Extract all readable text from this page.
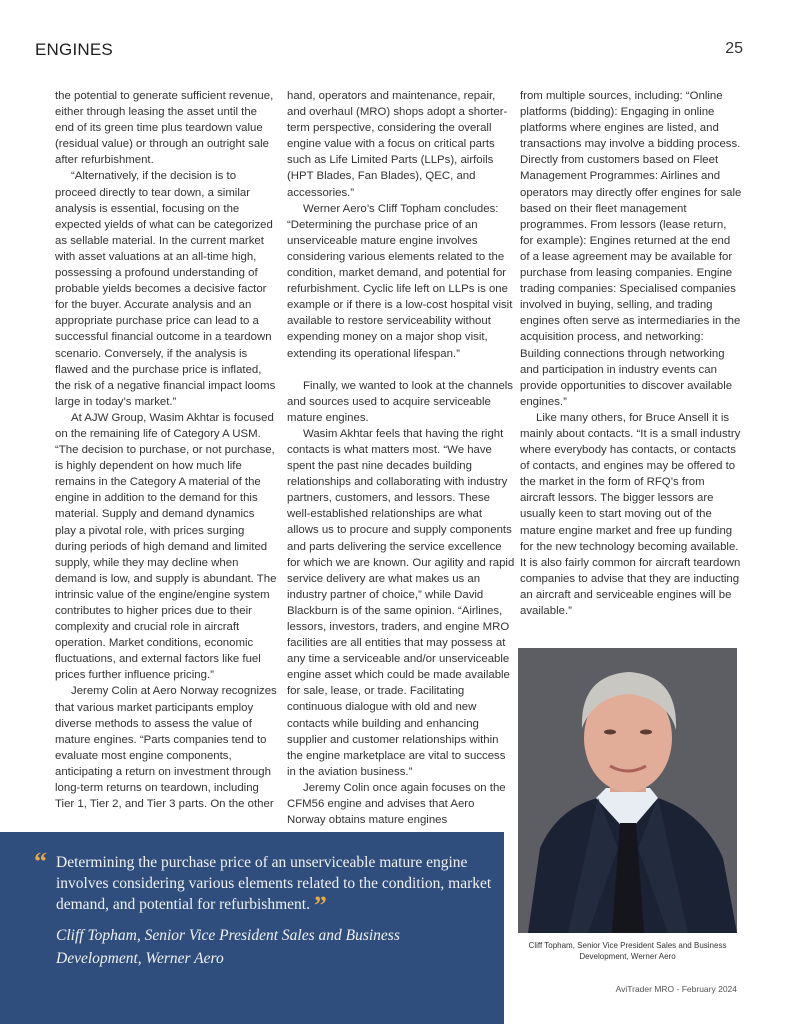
ENGINES	25

the potential to generate sufficient revenue, either through leasing the asset until the end of its green time plus teardown value (residual value) or through an outright sale after refurbishment.

“Alternatively, if the decision is to proceed directly to tear down, a similar analysis is essential, focusing on the expected yields of what can be categorized as sellable material. In the current market with asset valuations at an all-time high, possessing a profound understanding of probable yields becomes a decisive factor for the buyer. Accurate analysis and an appropriate purchase price can lead to a successful financial outcome in a teardown scenario. Conversely, if the analysis is flawed and the purchase price is inflated, the risk of a negative financial impact looms large in today’s market.”

At AJW Group, Wasim Akhtar is focused on the remaining life of Category A USM. “The decision to purchase, or not purchase, is highly dependent on how much life remains in the Category A material of the engine in addition to the demand for this material. Supply and demand dynamics play a pivotal role, with prices surging during periods of high demand and limited supply, while they may decline when demand is low, and supply is abundant. The intrinsic value of the engine/engine system contributes to higher prices due to their complexity and crucial role in aircraft operation. Market conditions, economic fluctuations, and external factors like fuel prices further influence pricing.”

Jeremy Colin at Aero Norway recognizes that various market participants employ diverse methods to assess the value of mature engines. “Parts companies tend to evaluate most engine components, anticipating a return on investment through long-term returns on teardown, including Tier 1, Tier 2, and Tier 3 parts. On the other

hand, operators and maintenance, repair, and overhaul (MRO) shops adopt a shorter-term perspective, considering the overall engine value with a focus on critical parts such as Life Limited Parts (LLPs), airfoils (HPT Blades, Fan Blades), QEC, and accessories.”

Werner Aero’s Cliff Topham concludes: “Determining the purchase price of an unserviceable mature engine involves considering various elements related to the condition, market demand, and potential for refurbishment. Cyclic life left on LLPs is one example or if there is a low-cost hospital visit available to restore serviceability without expending money on a major shop visit, extending its operational lifespan.”

Finally, we wanted to look at the channels and sources used to acquire serviceable mature engines.

Wasim Akhtar feels that having the right contacts is what matters most. “We have spent the past nine decades building relationships and collaborating with industry partners, customers, and lessors. These well-established relationships are what allows us to procure and supply components and parts delivering the service excellence for which we are known. Our agility and rapid service delivery are what makes us an industry partner of choice,” while David Blackburn is of the same opinion. “Airlines, lessors, investors, traders, and engine MRO facilities are all entities that may possess at any time a serviceable and/or unserviceable engine asset which could be made available for sale, lease, or trade. Facilitating continuous dialogue with old and new contacts while building and enhancing supplier and customer relationships within the engine marketplace are vital to success in the aviation business.”

Jeremy Colin once again focuses on the CFM56 engine and advises that Aero Norway obtains mature engines

from multiple sources, including: “Online platforms (bidding): Engaging in online platforms where engines are listed, and transactions may involve a bidding process. Directly from customers based on Fleet Management Programmes: Airlines and operators may directly offer engines for sale based on their fleet management programmes. From lessors (lease return, for example): Engines returned at the end of a lease agreement may be available for purchase from leasing companies. Engine trading companies: Specialised companies involved in buying, selling, and trading engines often serve as intermediaries in the acquisition process, and networking: Building connections through networking and participation in industry events can provide opportunities to discover available engines.”

Like many others, for Bruce Ansell it is mainly about contacts. “It is a small industry where everybody has contacts, or contacts of contacts, and engines may be offered to the market in the form of RFQ’s from aircraft lessors. The bigger lessors are usually keen to start moving out of the mature engine market and free up funding for the new technology becoming available. It is also fairly common for aircraft teardown companies to advise that they are inducting an aircraft and serviceable engines will be available.”

“ Determining the purchase price of an unserviceable mature engine involves considering various elements related to the condition, market demand, and potential for refurbishment. ”
Cliff Topham, Senior Vice President Sales and Business Development, Werner Aero
Cliff Topham, Senior Vice President Sales and Business Development, Werner Aero
AviTrader MRO - February 2024
